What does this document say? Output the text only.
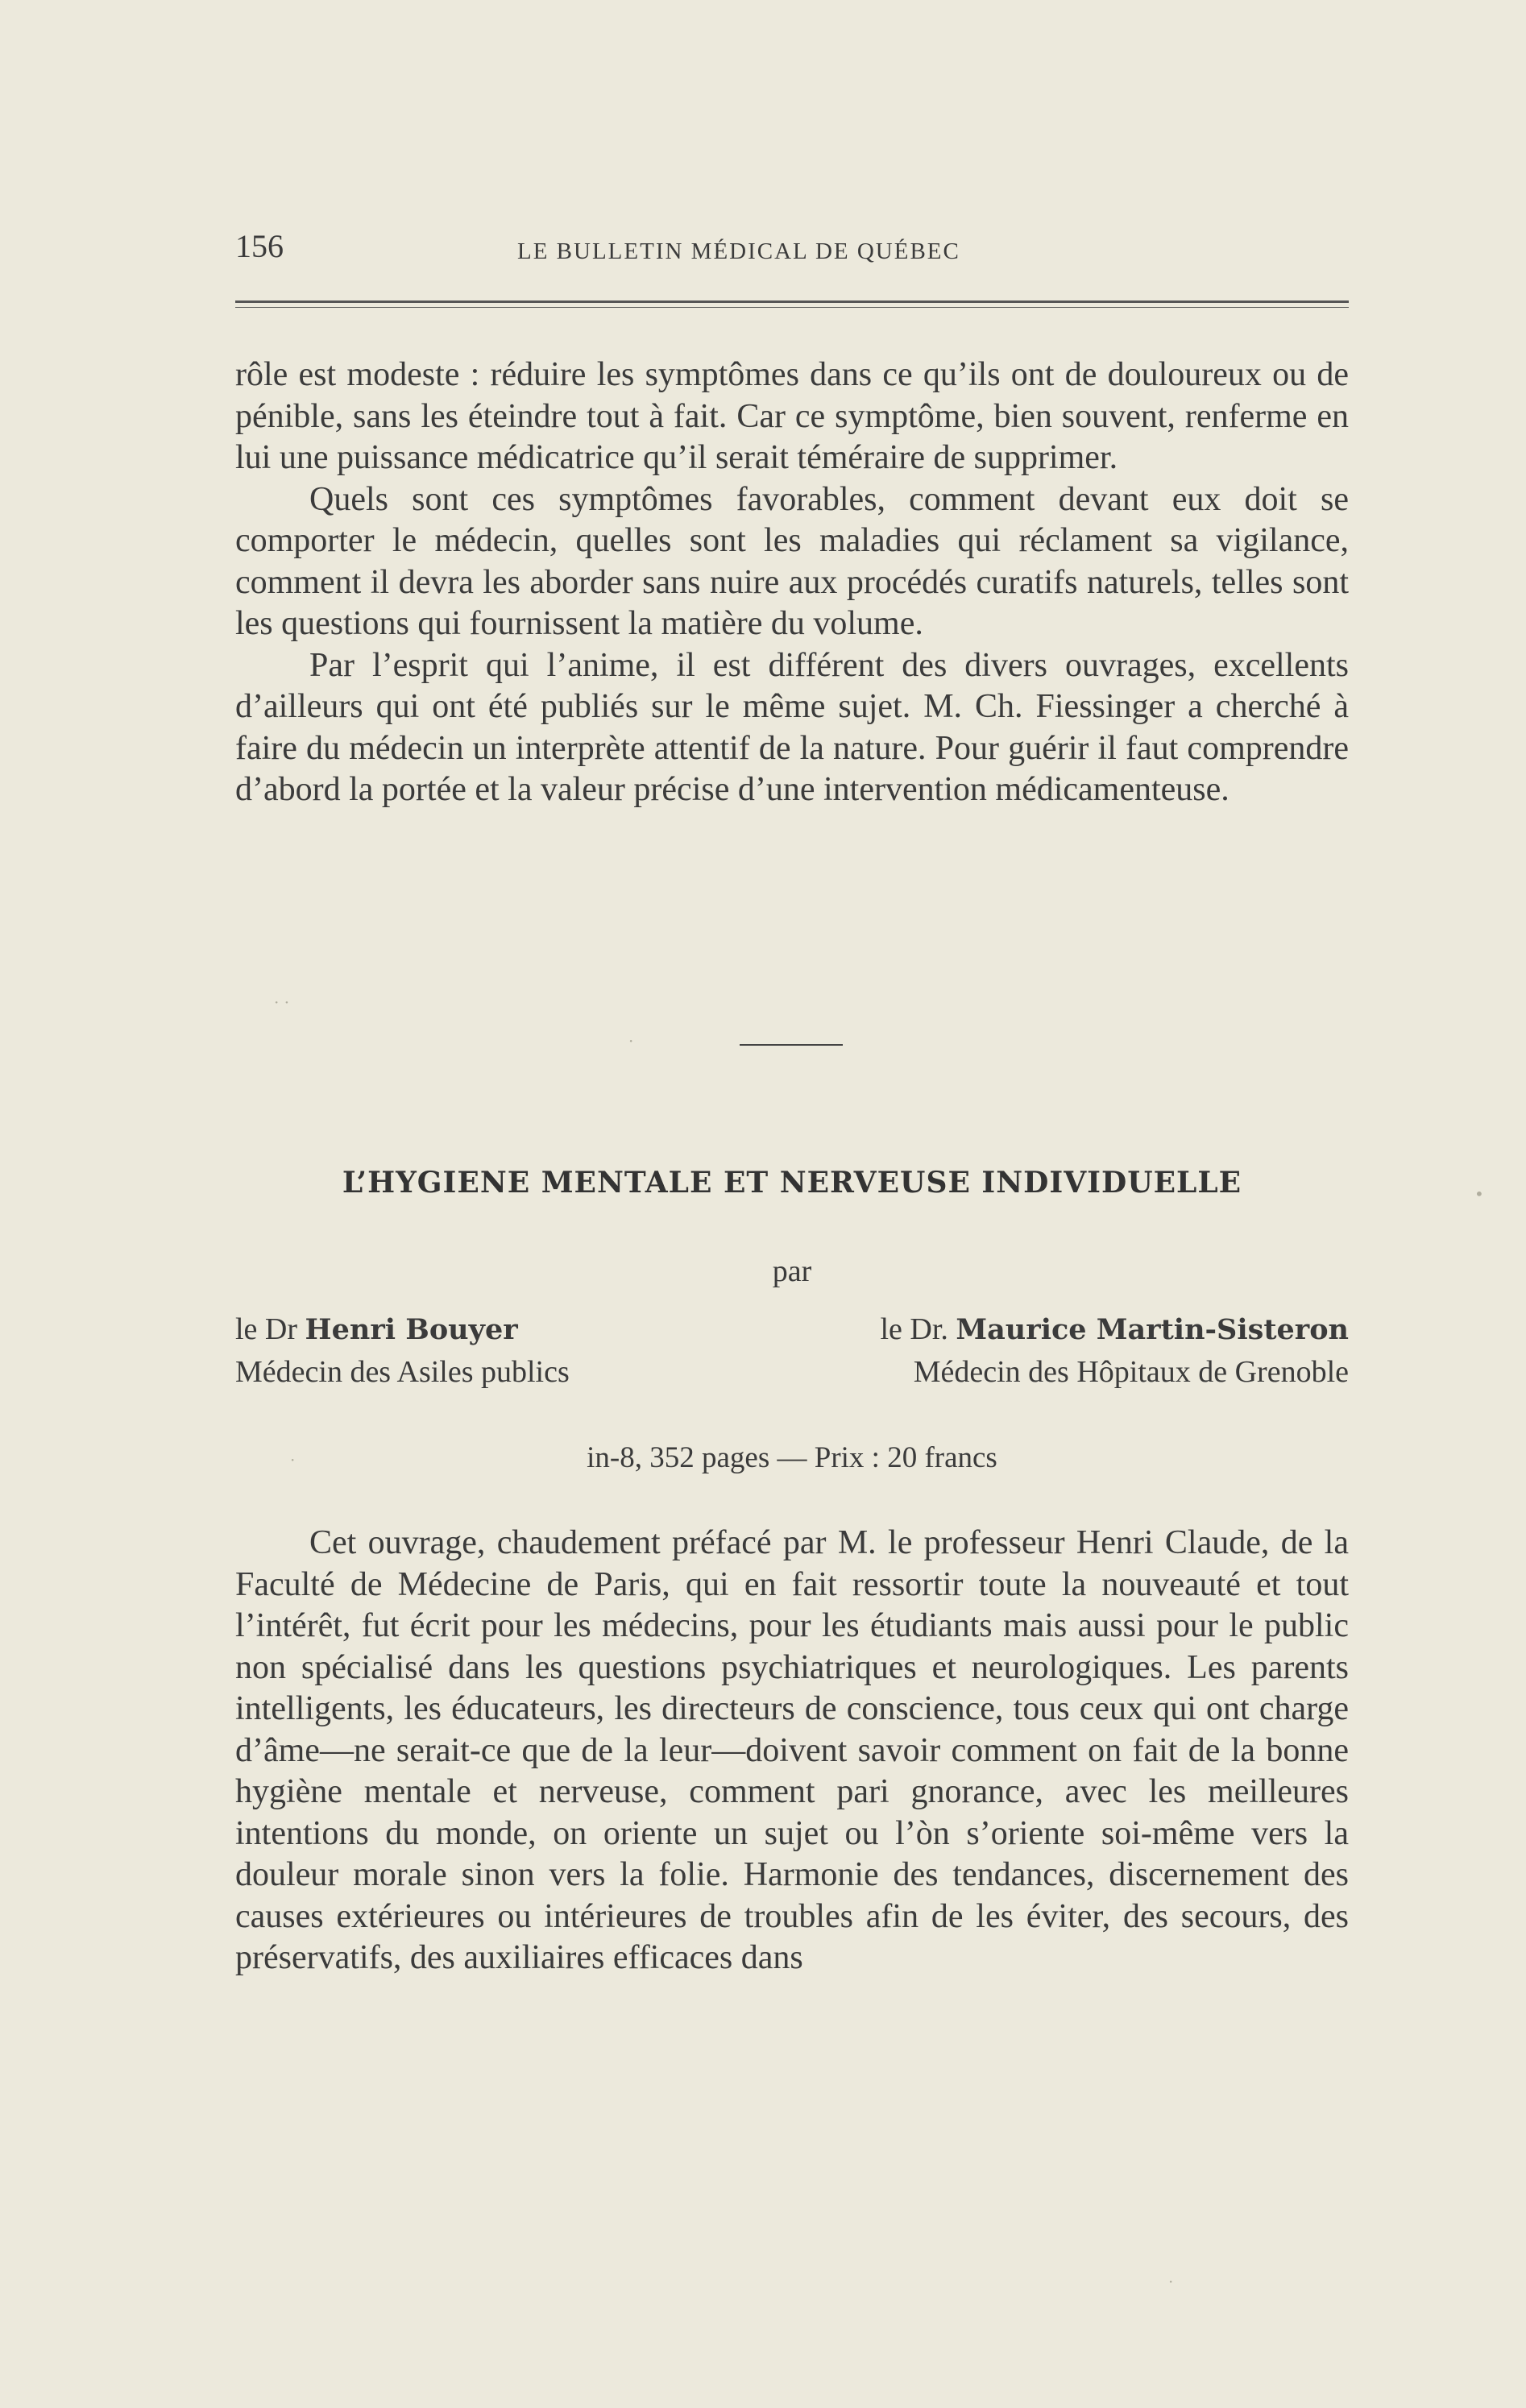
156	LE BULLETIN MÉDICAL DE QUÉBEC

rôle est modeste : réduire les symptômes dans ce qu’ils ont de douloureux ou de pénible, sans les éteindre tout à fait. Car ce symptôme, bien souvent, renferme en lui une puissance médicatrice qu’il serait téméraire de supprimer.

Quels sont ces symptômes favorables, comment devant eux doit se comporter le médecin, quelles sont les maladies qui réclament sa vigilance, comment il devra les aborder sans nuire aux procédés curatifs naturels, telles sont les questions qui fournissent la matière du volume.

Par l’esprit qui l’anime, il est différent des divers ouvrages, excellents d’ailleurs qui ont été publiés sur le même sujet. M. Ch. Fiessinger a cherché à faire du médecin un interprète attentif de la nature. Pour guérir il faut comprendre d’abord la portée et la valeur précise d’une intervention médicamenteuse.

L’HYGIENE MENTALE ET NERVEUSE INDIVIDUELLE
par
le Dr Henri Bouyer
Médecin des Asiles publics
le Dr. Maurice Martin-Sisteron
Médecin des Hôpitaux de Grenoble
in-8, 352 pages — Prix : 20 francs

Cet ouvrage, chaudement préfacé par M. le professeur Henri Claude, de la Faculté de Médecine de Paris, qui en fait ressortir toute la nouveauté et tout l’intérêt, fut écrit pour les médecins, pour les étudiants mais aussi pour le public non spécialisé dans les questions psychiatriques et neurologiques. Les parents intelligents, les éducateurs, les directeurs de conscience, tous ceux qui ont charge d’âme—ne serait-ce que de la leur—doivent savoir comment on fait de la bonne hygiène mentale et nerveuse, comment pari gnorance, avec les meilleures intentions du monde, on oriente un sujet ou l’òn s’oriente soi-même vers la douleur morale sinon vers la folie. Harmonie des tendances, discernement des causes extérieures ou intérieures de troubles afin de les éviter, des secours, des préservatifs, des auxiliaires efficaces dans

· ·
·
•
·
·
